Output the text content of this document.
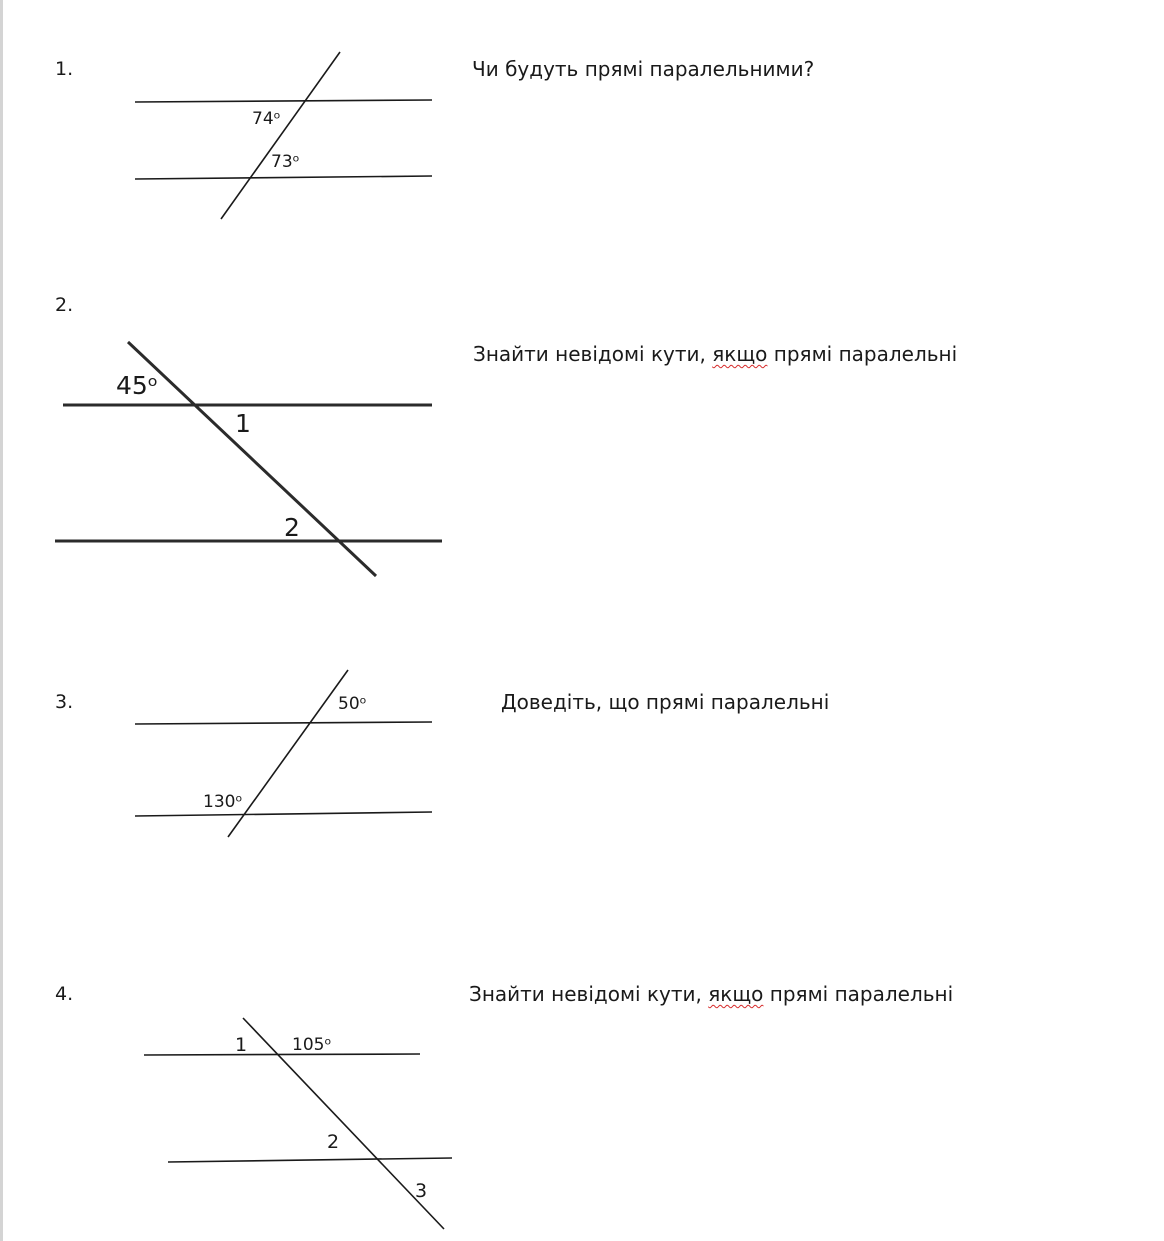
1.
2.
3.
4.
Чи будуть прямі паралельними?
Знайти невідомі кути, якщо прямі паралельні
Доведіть, що прямі паралельні
Знайти невідомі кути, якщо прямі паралельні
74ᵒ
73ᵒ
45ᵒ
1
2
50ᵒ
130ᵒ
1	105ᵒ
2
3
